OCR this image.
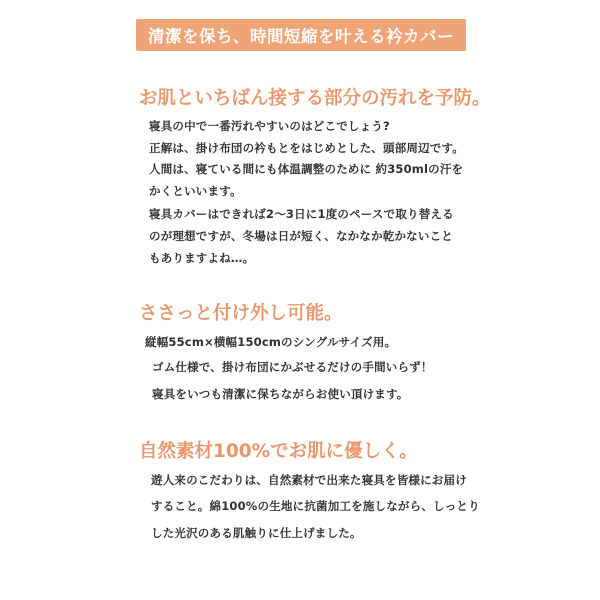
清潔を保ち、時間短縮を叶える衿カバー
お肌といちばん接する部分の汚れを予防。
寝具の中で一番汚れやすいのはどこでしょう?
正解は、掛け布団の衿もとをはじめとした、頭部周辺です。
人間は、寝ている間にも体温調整のために 約350mlの汗を
かくといいます。
寝具カバーはできれば2～3日に1度のペースで取り替える
のが理想ですが、冬場は日が短く、なかなか乾かないこと
もありますよね…。
ささっと付け外し可能。
縦幅55cm×横幅150cmのシングルサイズ用。
ゴム仕様で、掛け布団にかぶせるだけの手間いらず！
寝具をいつも清潔に保ちながらお使い頂けます。
自然素材100%でお肌に優しく。
遊人来のこだわりは、自然素材で出来た寝具を皆様にお届け
すること。綿100%の生地に抗菌加工を施しながら、しっとり
した光沢のある肌触りに仕上げました。
